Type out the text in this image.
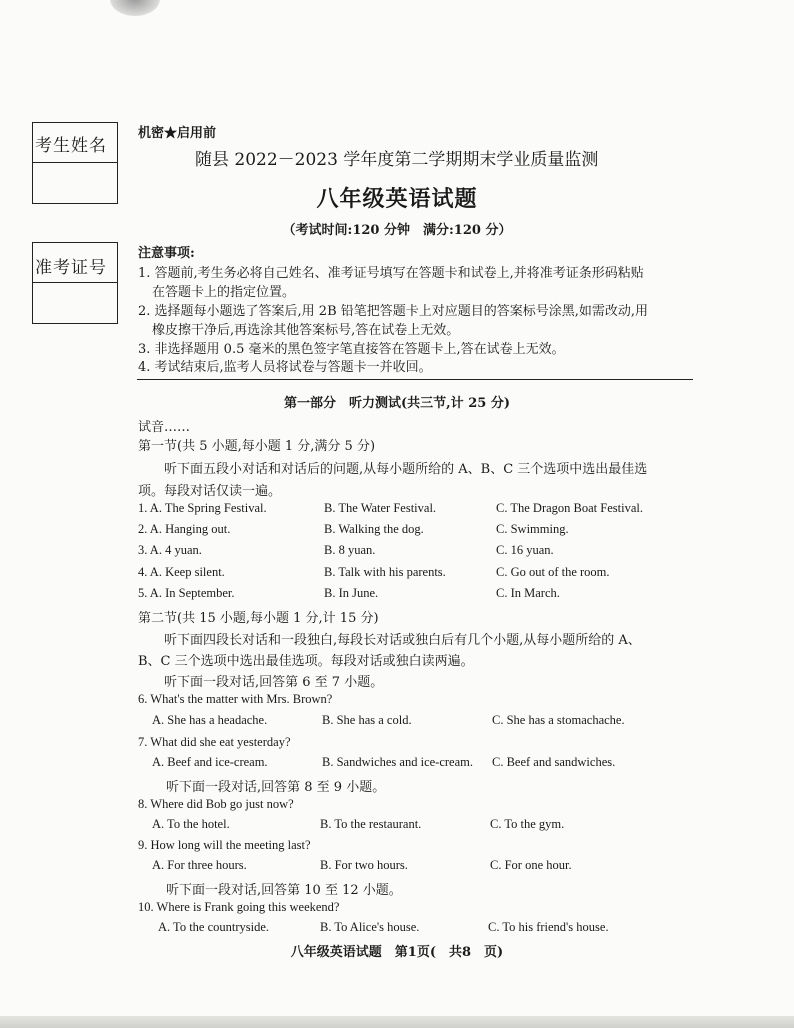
考生姓名
准考证号
机密★启用前
随县 2022－2023 学年度第二学期期末学业质量监测
八年级英语试题
（考试时间:120 分钟　满分:120 分）
注意事项:
1. 答题前,考生务必将自己姓名、准考证号填写在答题卡和试卷上,并将准考证条形码粘贴
在答题卡上的指定位置。
2. 选择题每小题选了答案后,用 2B 铅笔把答题卡上对应题目的答案标号涂黑,如需改动,用
橡皮擦干净后,再选涂其他答案标号,答在试卷上无效。
3. 非选择题用 0.5 毫米的黑色签字笔直接答在答题卡上,答在试卷上无效。
4. 考试结束后,监考人员将试卷与答题卡一并收回。
第一部分　听力测试(共三节,计 25 分)
试音……
第一节(共 5 小题,每小题 1 分,满分 5 分)
听下面五段小对话和对话后的问题,从每小题所给的 A、B、C 三个选项中选出最佳选
项。每段对话仅读一遍。
1. A. The Spring Festival.	B. The Water Festival.	C. The Dragon Boat Festival.
2. A. Hanging out.	B. Walking the dog.	C. Swimming.
3. A. 4 yuan.	B. 8 yuan.	C. 16 yuan.
4. A. Keep silent.	B. Talk with his parents.	C. Go out of the room.
5. A. In September.	B. In June.	C. In March.
第二节(共 15 小题,每小题 1 分,计 15 分)
听下面四段长对话和一段独白,每段长对话或独白后有几个小题,从每小题所给的 A、
B、C 三个选项中选出最佳选项。每段对话或独白读两遍。
听下面一段对话,回答第 6 至 7 小题。
6. What's the matter with Mrs. Brown?
A. She has a headache.	B. She has a cold.	C. She has a stomachache.
7. What did she eat yesterday?
A. Beef and ice-cream.	B. Sandwiches and ice-cream. C. Beef and sandwiches.
听下面一段对话,回答第 8 至 9 小题。
8. Where did Bob go just now?
A. To the hotel.	B. To the restaurant.	C. To the gym.
9. How long will the meeting last?
A. For three hours.	B. For two hours.	C. For one hour.
听下面一段对话,回答第 10 至 12 小题。
10. Where is Frank going this weekend?
A. To the countryside.	B. To Alice's house.	C. To his friend's house.
八年级英语试题　第1页(　共8　页)
